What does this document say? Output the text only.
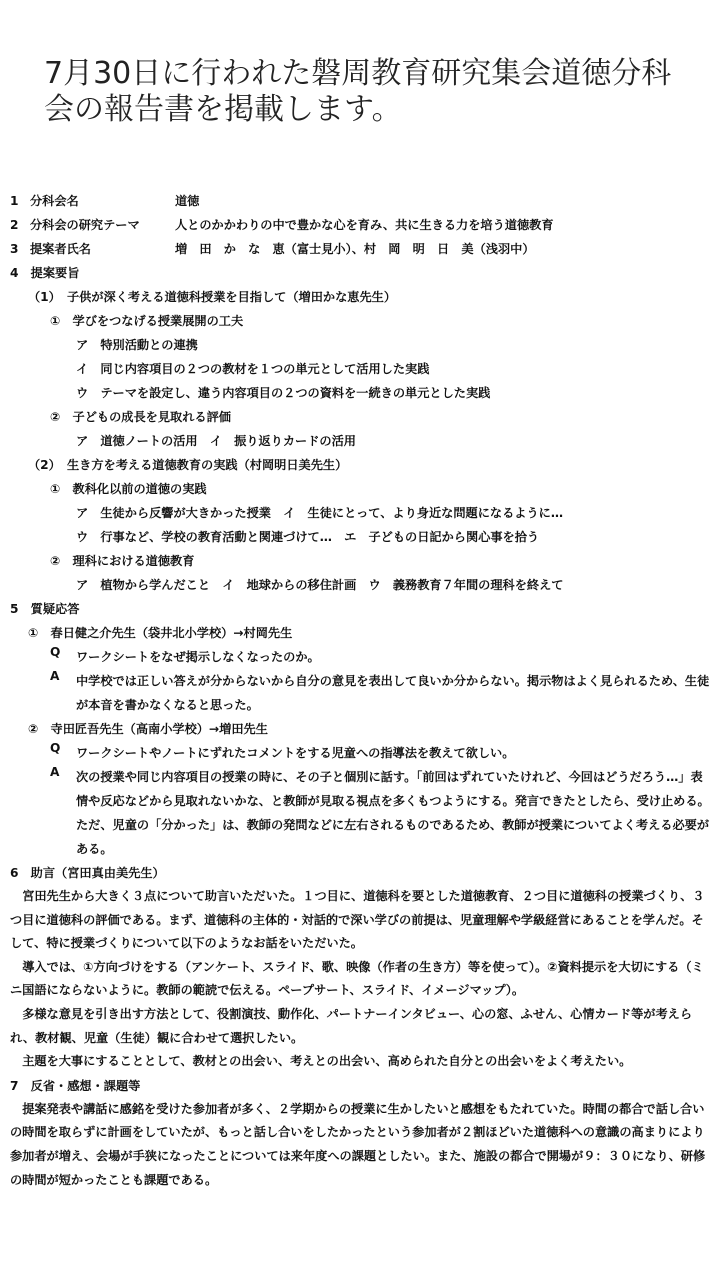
7月30日に行われた磐周教育研究集会道徳分科会の報告書を掲載します。
1 分科会名	道徳
2 分科会の研究テーマ	人とのかかわりの中で豊かな心を育み、共に生きる力を培う道徳教育
3 提案者氏名	増　田　か　な　恵（富士見小）、村　岡　明　日　美（浅羽中）
4　提案要旨
（1）　子供が深く考える道徳科授業を目指して（増田かな恵先生）
①　学びをつなげる授業展開の工夫
ア　特別活動との連携
イ　同じ内容項目の２つの教材を１つの単元として活用した実践
ウ　テーマを設定し、違う内容項目の２つの資料を一続きの単元とした実践
②　子どもの成長を見取れる評価
ア　道徳ノートの活用　イ　振り返りカードの活用
（2）　生き方を考える道徳教育の実践（村岡明日美先生）
①　教科化以前の道徳の実践
ア　生徒から反響が大きかった授業　イ　生徒にとって、より身近な問題になるように…
ウ　行事など、学校の教育活動と関連づけて…　エ　子どもの日記から関心事を拾う
②　理科における道徳教育
ア　植物から学んだこと　イ　地球からの移住計画　ウ　義務教育７年間の理科を終えて
5　質疑応答
①　春日健之介先生（袋井北小学校）→村岡先生
Q	ワークシートをなぜ掲示しなくなったのか。
A	中学校では正しい答えが分からないから自分の意見を表出して良いか分からない。掲示物はよく見られるため、生徒が本音を書かなくなると思った。
②　寺田匠吾先生（高南小学校）→増田先生
Q	ワークシートやノートにずれたコメントをする児童への指導法を教えて欲しい。
A	次の授業や同じ内容項目の授業の時に、その子と個別に話す。「前回はずれていたけれど、今回はどうだろう…」表情や反応などから見取れないかな、と教師が見取る視点を多くもつようにする。発言できたとしたら、受け止める。ただ、児童の「分かった」は、教師の発問などに左右されるものであるため、教師が授業についてよく考える必要がある。
6　助言（宮田真由美先生）
宮田先生から大きく３点について助言いただいた。１つ目に、道徳科を要とした道徳教育、２つ目に道徳科の授業づくり、３つ目に道徳科の評価である。まず、道徳科の主体的・対話的で深い学びの前提は、児童理解や学級経営にあることを学んだ。そして、特に授業づくりについて以下のようなお話をいただいた。
導入では、①方向づけをする（アンケート、スライド、歌、映像（作者の生き方）等を使って）。②資料提示を大切にする（ミニ国語にならないように。教師の範読で伝える。ペープサート、スライド、イメージマップ）。
多様な意見を引き出す方法として、役割演技、動作化、パートナーインタビュー、心の窓、ふせん、心情カード等が考えられ、教材観、児童（生徒）観に合わせて選択したい。
主題を大事にすることとして、教材との出会い、考えとの出会い、高められた自分との出会いをよく考えたい。
7　反省・感想・課題等
提案発表や講話に感銘を受けた参加者が多く、２学期からの授業に生かしたいと感想をもたれていた。時間の都合で話し合いの時間を取らずに計画をしていたが、もっと話し合いをしたかったという参加者が２割ほどいた道徳科への意識の高まりにより参加者が増え、会場が手狭になったことについては来年度への課題としたい。また、施設の都合で開場が９：３０になり、研修の時間が短かったことも課題である。
